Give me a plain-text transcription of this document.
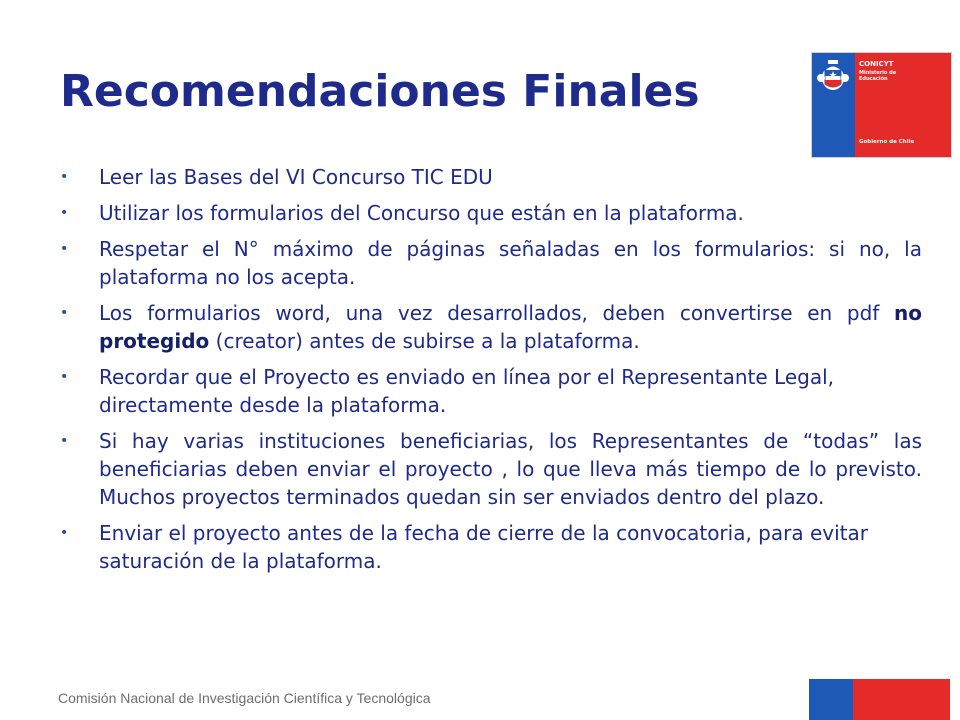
Recomendaciones Finales
CONICYT
Ministerio de Educación
Gobierno de Chile
• Leer las Bases del VI Concurso TIC EDU
• Utilizar los formularios del Concurso que están en la plataforma.
• Respetar el N° máximo de páginas señaladas en los formularios: si no, la plataforma no los acepta.
• Los formularios word, una vez desarrollados, deben convertirse en pdf no protegido (creator) antes de subirse a la plataforma.
• Recordar que el Proyecto es enviado en línea por el Representante Legal, directamente desde la plataforma.
• Si hay varias instituciones beneficiarias, los Representantes de “todas” las beneficiarias deben enviar el proyecto , lo que lleva más tiempo de lo previsto. Muchos proyectos terminados quedan sin ser enviados dentro del plazo.
• Enviar el proyecto antes de la fecha de cierre de la convocatoria, para evitar saturación de la plataforma.
Comisión Nacional de Investigación Científica y Tecnológica
